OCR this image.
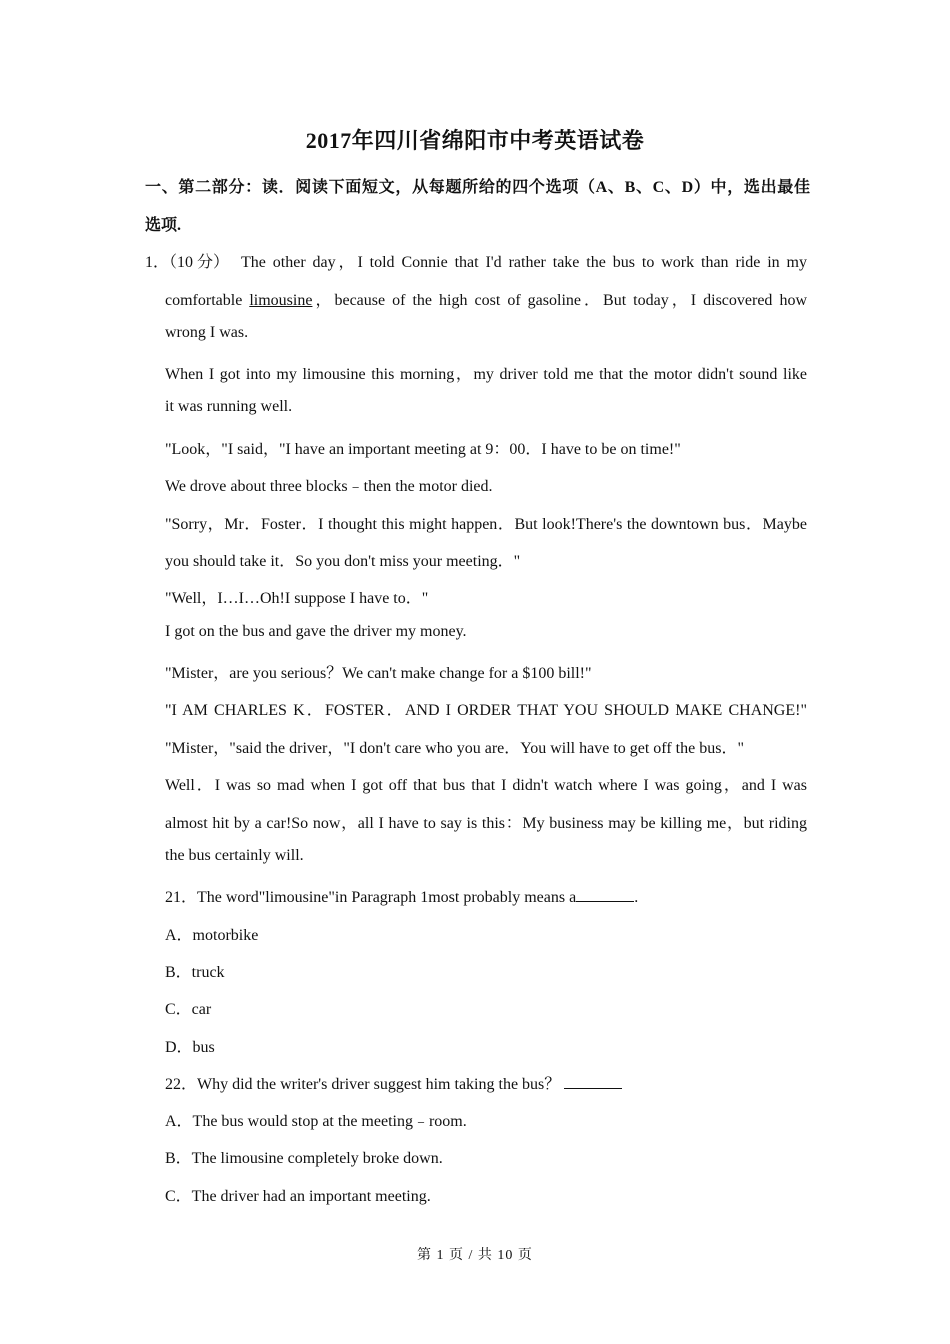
2017年四川省绵阳市中考英语试卷
一、第二部分：读．阅读下面短文，从每题所给的四个选项（A、B、C、D）中，选出最佳
选项.
1．（10 分） The other day，I told Connie that I'd rather take the bus to work than ride in my
comfortable limousine，because of the high cost of gasoline．But today，I discovered how
wrong I was.
When I got into my limousine this morning，my driver told me that the motor didn't sound like
it was running well.
"Look，"I said，"I have an important meeting at 9：00．I have to be on time!"
We drove about three blocks﹣then the motor died.
"Sorry，Mr．Foster．I thought this might happen．But look!There's the downtown bus．Maybe
you should take it．So you don't miss your meeting．"
"Well，I…I…Oh!I suppose I have to．"
I got on the bus and gave the driver my money.
"Mister，are you serious？We can't make change for a $100 bill!"
"I AM CHARLES K．FOSTER．AND I ORDER THAT YOU SHOULD MAKE CHANGE!"
"Mister，"said the driver，"I don't care who you are．You will have to get off the bus．"
Well．I was so mad when I got off that bus that I didn't watch where I was going，and I was
almost hit by a car!So now，all I have to say is this：My business may be killing me，but riding
the bus certainly will.
21．The word"limousine"in Paragraph 1most probably means a	.
A．motorbike
B．truck
C．car
D．bus
22．Why did the writer's driver suggest him taking the bus？
A．The bus would stop at the meeting﹣room.
B．The limousine completely broke down.
C．The driver had an important meeting.
第 1 页 / 共 10 页
